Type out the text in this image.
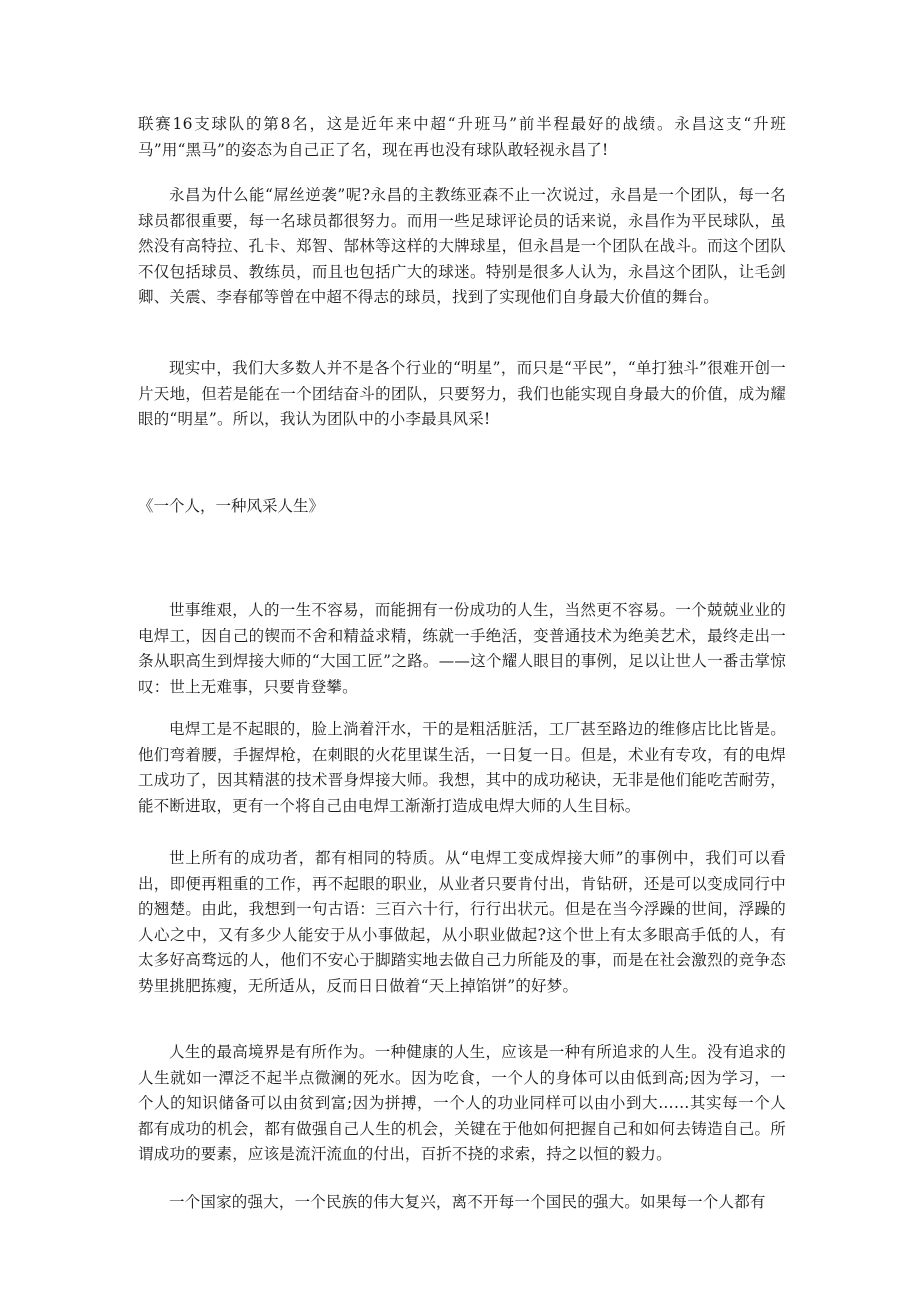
联赛16支球队的第8名，这是近年来中超“升班马”前半程最好的战绩。永昌这支“升班马”用“黑马”的姿态为自己正了名，现在再也没有球队敢轻视永昌了!

永昌为什么能“屌丝逆袭”呢?永昌的主教练亚森不止一次说过，永昌是一个团队，每一名球员都很重要，每一名球员都很努力。而用一些足球评论员的话来说，永昌作为平民球队，虽然没有高特拉、孔卡、郑智、郜林等这样的大牌球星，但永昌是一个团队在战斗。而这个团队不仅包括球员、教练员，而且也包括广大的球迷。特别是很多人认为，永昌这个团队，让毛剑卿、关震、李春郁等曾在中超不得志的球员，找到了实现他们自身最大价值的舞台。

现实中，我们大多数人并不是各个行业的“明星”，而只是“平民”，“单打独斗”很难开创一片天地，但若是能在一个团结奋斗的团队，只要努力，我们也能实现自身最大的价值，成为耀眼的“明星”。所以，我认为团队中的小李最具风采!

《一个人，一种风采人生》

世事维艰，人的一生不容易，而能拥有一份成功的人生，当然更不容易。一个兢兢业业的电焊工，因自己的锲而不舍和精益求精，练就一手绝活，变普通技术为绝美艺术，最终走出一条从职高生到焊接大师的“大国工匠”之路。——这个耀人眼目的事例，足以让世人一番击掌惊叹：世上无难事，只要肯登攀。

电焊工是不起眼的，脸上淌着汗水，干的是粗活脏活，工厂甚至路边的维修店比比皆是。他们弯着腰，手握焊枪，在刺眼的火花里谋生活，一日复一日。但是，术业有专攻，有的电焊工成功了，因其精湛的技术晋身焊接大师。我想，其中的成功秘诀，无非是他们能吃苦耐劳，能不断进取，更有一个将自己由电焊工渐渐打造成电焊大师的人生目标。

世上所有的成功者，都有相同的特质。从“电焊工变成焊接大师”的事例中，我们可以看出，即便再粗重的工作，再不起眼的职业，从业者只要肯付出，肯钻研，还是可以变成同行中的翘楚。由此，我想到一句古语：三百六十行，行行出状元。但是在当今浮躁的世间，浮躁的人心之中，又有多少人能安于从小事做起，从小职业做起?这个世上有太多眼高手低的人，有太多好高骛远的人，他们不安心于脚踏实地去做自己力所能及的事，而是在社会激烈的竞争态势里挑肥拣瘦，无所适从，反而日日做着“天上掉馅饼”的好梦。

人生的最高境界是有所作为。一种健康的人生，应该是一种有所追求的人生。没有追求的人生就如一潭泛不起半点微澜的死水。因为吃食，一个人的身体可以由低到高;因为学习，一个人的知识储备可以由贫到富;因为拼搏，一个人的功业同样可以由小到大……其实每一个人都有成功的机会，都有做强自己人生的机会，关键在于他如何把握自己和如何去铸造自己。所谓成功的要素，应该是流汗流血的付出，百折不挠的求索，持之以恒的毅力。

一个国家的强大，一个民族的伟大复兴，离不开每一个国民的强大。如果每一个人都有
